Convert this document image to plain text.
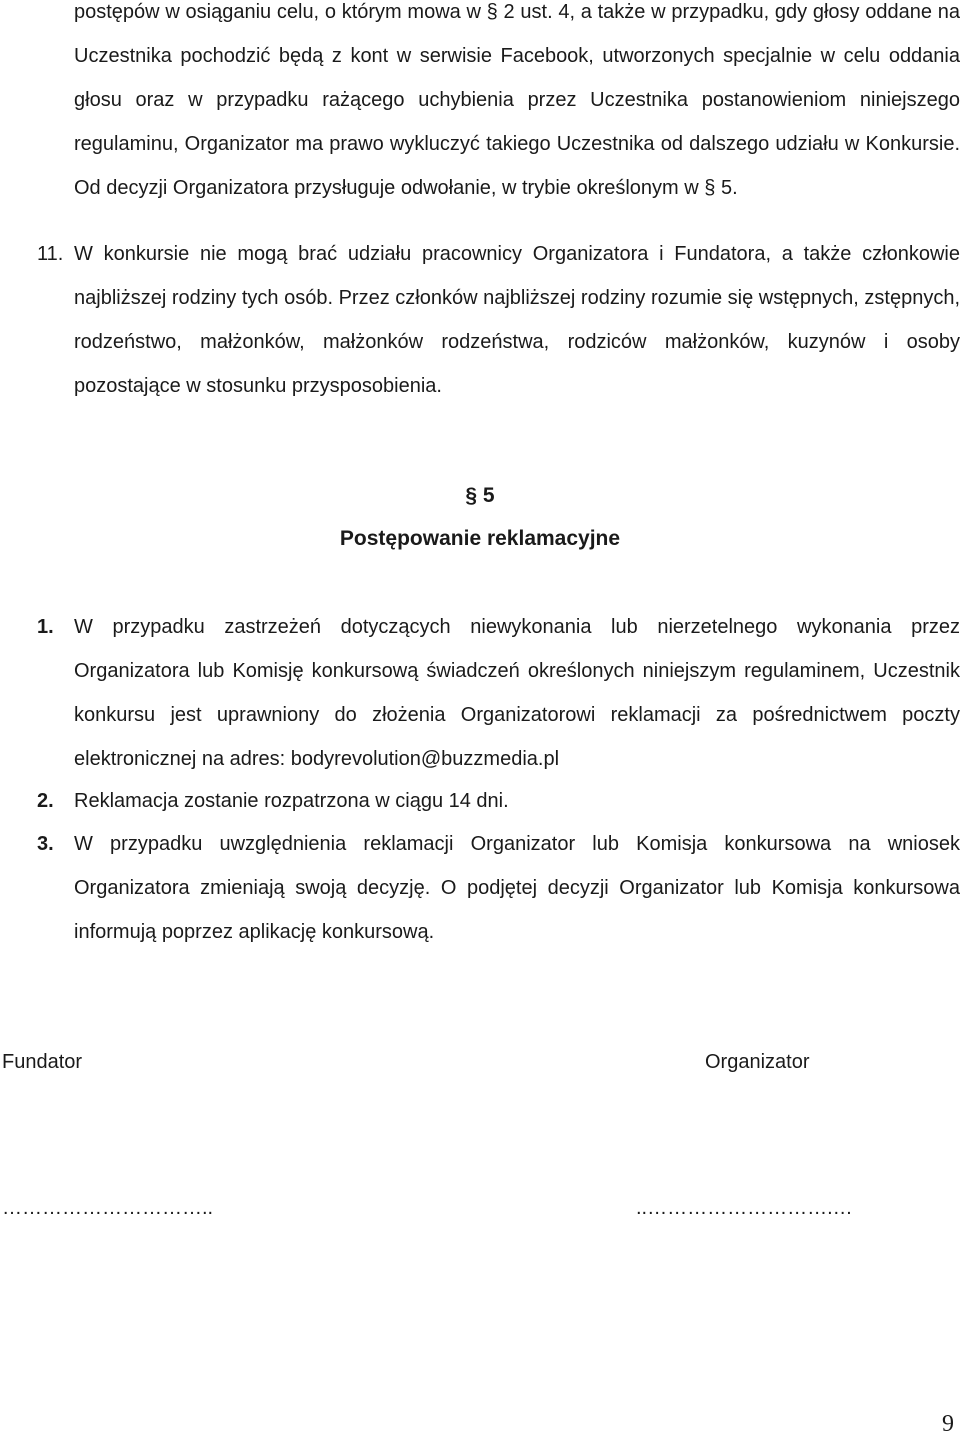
postępów w osiąganiu celu, o którym mowa w § 2 ust. 4, a także w przypadku, gdy głosy oddane na Uczestnika pochodzić będą z kont w serwisie Facebook, utworzonych specjalnie w celu oddania głosu oraz w przypadku rażącego uchybienia przez Uczestnika postanowieniom niniejszego regulaminu, Organizator ma prawo wykluczyć takiego Uczestnika od dalszego udziału w Konkursie. Od decyzji Organizatora przysługuje odwołanie, w trybie określonym w § 5.
11. W konkursie nie mogą brać udziału pracownicy Organizatora i Fundatora, a także członkowie najbliższej rodziny tych osób. Przez członków najbliższej rodziny rozumie się wstępnych, zstępnych, rodzeństwo, małżonków, małżonków rodzeństwa, rodziców małżonków, kuzynów i osoby pozostające w stosunku przysposobienia.
§ 5
Postępowanie reklamacyjne
1. W przypadku zastrzeżeń dotyczących niewykonania lub nierzetelnego wykonania przez Organizatora lub Komisję konkursową świadczeń określonych niniejszym regulaminem, Uczestnik konkursu jest uprawniony do złożenia Organizatorowi reklamacji za pośrednictwem poczty elektronicznej na adres: bodyrevolution@buzzmedia.pl
2. Reklamacja zostanie rozpatrzona w ciągu 14 dni.
3. W przypadku uwzględnienia reklamacji Organizator lub Komisja konkursowa na wniosek Organizatora zmieniają swoją decyzję. O podjętej decyzji Organizator lub Komisja konkursowa informują poprzez aplikację konkursową.
Fundator	Organizator
…………………………..	..……………………….…
9
